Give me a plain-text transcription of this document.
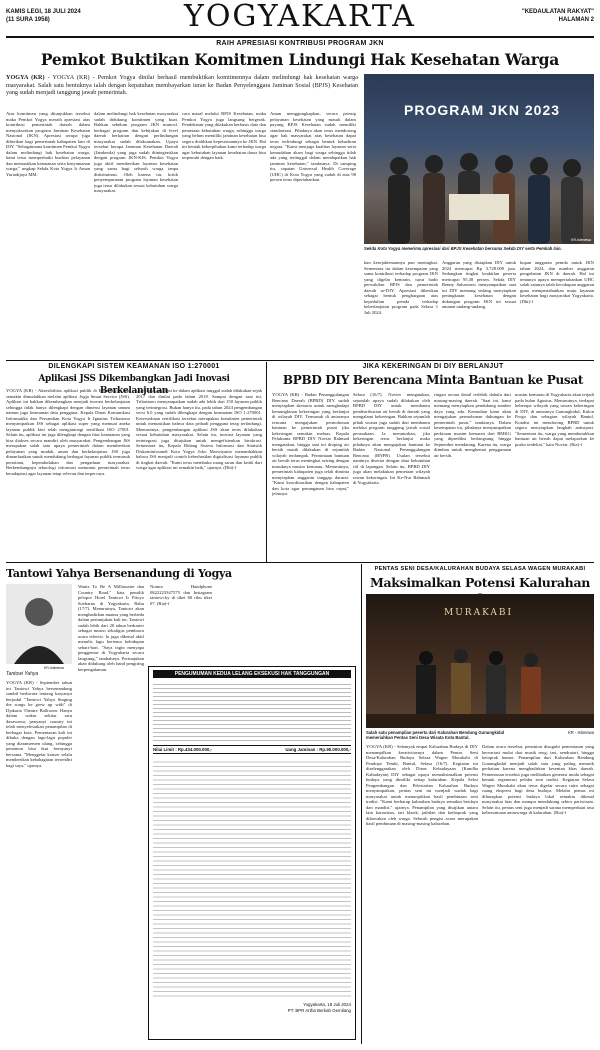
KAMIS LEGI, 18 JULI 2024
(11 SURA 1958)	YOGYAKARTA	"KEDAULATAN RAKYAT"
HALAMAN 2
RAIH APRESIASI KONTRIBUSI PROGRAM JKN
Pemkot Buktikan Komitmen Lindungi Hak Kesehatan Warga
YOGYA (KR) - YOGYA (KR) - Pemkot Yogya dinilai berhasil membuktikan komitmennya dalam melindungi hak kesehatan warga masyarakat. Salah satu bentuknya ialah dengan kepatuhan membayarkan iuran ke Badan Penyelenggara Jaminan Sosial (BPJS) Kesehatan yang sudah menjadi tanggung jawab pemerintah.
Atas komitmen yang ditunjukkan tersebut maka Pemkot Yogya meraih apresiasi atas kontribusi pemerintah daerah dalam menyukseskan program Jaminan Kesehatan Nasional (JKN). Apresiasi serupa juga diberikan bagi pemerintah kabupaten lain di DIY. "Sebagaimana komitmen Pemkot Yogya dalam melindungi hak kesehatan warga, kami terus memperbaiki kualitas pelayanan dan memastikan keamanan serta kenyamanan warga," ungkap Sekda Kota Yogya Ir Aman Yuriadijaya MM.
dalam melindungi hak kesehatan masyarakat sudah didukung komitmen yang kuat. Bahkan sebelum program JKN muncul, berbagai program dan kebijakan di level daerah berkaitan dengan perlindungan masyarakat sudah dilaksanakan. Upaya tersebut berupa Jaminan Kesehatan Daerah (Jamkesda) yang juga sudah diintegrasikan dengan program JKN-KIS. Pemkot Yogya juga aktif memberikan layanan kesehatan yang sama bagi seluruh warga tanpa diskriminasi. Oleh karena itu, kritik penyempurnaan program layanan kesehatan juga terus dilakukan sesuai kebutuhan warga masyarakat.
cara masal melalui BPJS Kesehatan, maka Pemkot Yogya juga langsung bergerak. Pendekatan yang dilakukan berbasis data dan pemetaan kebutuhan warga, sehingga warga yang belum memiliki jaminan kesehatan bisa segera dialihkan kepesertaannya ke JKN. Hal ini bentuk keberpihakan kami terhadap warga agar kebutuhan layanan kesehatan dasar bisa terpenuhi dengan baik.
Aman menggungkapkan, secara prinsip pelayanan kesehatan yang masuk dalam payung BPJS Kesehatan sudah memiliki standarisasi. Pihaknya akan terus mendorong agar hak masyarakat atas kesehatan dapat terus terlindungi sebagai bentuk kehadiran negara. "Kami menjaga kualitas layanan serta kemudahan akses bagi warga sehingga tidak ada yang tertinggal dalam mendapatkan hak jaminan kesehatan," tandasnya. Di samping itu, capaian Universal Health Coverage (UHC) di Kota Yogya yang sudah di atas 98 persen terus dipertahankan.
PROGRAM JKN 2023
KR-Istimewa
Sekda Kota Yogya menerima apresiasi dari BPJS Kesehatan bersama Sekda DIY serta Pemkab lain.
kan kesejahteraannya pun meningkat. Sementara itu dalam kesempatan yang sama kontribusi terhadap program JKN yang digelar kemarin, turut hadir perwakilan BPJS dan pemerintah daerah se-DIY. Apresiasi diberikan sebagai bentuk penghargaan atas kepedulian pemda terhadap keberlanjutan program pada Selasa 1 Juli 2024.
Anggaran yang disiapkan DIY untuk 2024 mencapai Rp 3.728.009 juta. Sedangkan tingkat keaktifan peserta mencapai 95,38 persen. Sekda DIY Benny Suharsono menyampaikan saat ini DIY memang sedang menyiapkan peningkatan kesehatan dengan dukungan program JKN ini sesuai amanat undang-undang.
kupan anggaran pemda untuk JKN tahun 2024, dan number anggaran pengobatan JKN di daerah. Hal ini tentunya upaya mempertahankan UHC salah satunya ialah kecukupan anggaran guna mempertahankan mutu layanan kesehatan bagi masyarakat Yogyakarta. (Dhi)-f
DILENGKAPI SISTEM KEAMANAN ISO 1:270001
Aplikasi JSS Dikembangkan Jadi Inovasi Berkelanjutan
YOGYA (KR) - Aksesibilitas aplikasi publik di Kota Yogya kini semakin dimudahkan melalui aplikasi Jogja Smart Service (JSS). Aplikasi ini bahkan dikembangkan menjadi inovasi berkelanjutan sehingga tidak hanya dilengkapi dengan dimensi layanan umum namun juga keamanan data pengguna. Kepala Dinas Komunikasi Informatika dan Persandian Kota Yogya Ir Ignatius Trihastono menyampaikan JSS sebagai aplikasi super yang memuat aneka layanan publik kini telah mengantongi sertifikasi ISO 27001. Selain itu, aplikasi ini juga dilengkapi dengan fitur keamanan yang bisa diakses secara mandiri oleh masyarakat. Pengembangan JSS merupakan salah satu upaya pemerintah dalam memberikan pelayanan yang mudah, aman dan berkelanjutan. JSS juga dimanfaatkan untuk mendukung berbagai layanan publik termasuk perizinan, kependudukan dan pengaduan masyarakat. Berkembangnya teknologi informasi menuntut pemerintah terus beradaptasi agar layanan tetap relevan dan terpercaya.
sistem atau aplikasi ke dalam aplikasi tunggal sudah dilakukan sejak 2017 dan dinilai pada tahun 2018. Sampai dengan saat ini, Trihastono menyampaikan sudah ada lebih dari 150 layanan publik yang terintegrasi. Bukan hanya itu, pada tahun 2024 pengembangan versi 6.0 yang sudah dilengkapi dengan keamanan ISO 1:270001. Ketersediaan sertifikasi tersebut merupakan komitmen pemerintah untuk memastikan bahwa data pribadi pengguna tetap terlindungi. Menurutnya, pengembangan aplikasi JSS akan terus dilakukan sesuai kebutuhan masyarakat. Selain itu, inovasi layanan yang terintegrasi juga ditujukan untuk mengefisienkan birokrasi. Sementara itu, Kepala Bidang Sistem Informasi dan Statistik Diskominfosandi Kota Yogya Joko Marwiyanto menambahkan bahwa JSS menjadi contoh keberhasilan digitalisasi layanan publik di tingkat daerah. "Kami terus membuka ruang saran dan kritik dari warga agar aplikasi ini semakin baik," ujarnya. (Dhi)-f
JIKA KEKERINGAN DI DIY BERLANJUT
BPBD DIY Berencana Minta Bantuan ke Pusat
YOGYA (KR) - Badan Penanggulangan Bencana Daerah (BPBD) DIY sudah menyiapkan skenario untuk menghadapi kemungkinan kekeringan yang berlanjut di wilayah DIY. Termasuk di antaranya rencana mengajukan permohonan bantuan ke pemerintah pusat jika kekeringan semakin meluas. Kepala Pelaksana BPBD DIY Noviar Rahmad mengatakan, hingga saat ini droping air bersih masih dilakukan di sejumlah wilayah terdampak. Permintaan bantuan air bersih terus meningkat seiring dengan masuknya musim kemarau. Menurutnya, pemerintah kabupaten juga telah diminta menyiapkan anggaran tanggap darurat. "Kami koordinasikan dengan kabupaten dan kota agar penanganan bisa cepat," jelasnya.
Selasa (16/7). Novier mengatakan, sejumlah upaya sudah dilakukan oleh BPBD DIY untuk membantu pendistribusian air bersih di daerah yang mengalami kekeringan. Bahkan sejumlah pihak swasta juga sudah ikut membantu melalui program tanggung jawab sosial perusahaan. Ia menuturkan, jika kekeringan terus berlanjut maka pihaknya akan mengajukan bantuan ke Badan Nasional Penanggulangan Bencana (BNPB). Usulan tersebut nantinya disertai dengan data kebutuhan riil di lapangan. Selain itu, BPBD DIY juga akan melakukan pemetaan wilayah rawan kekeringan. Ini Ke-Nur Rahmadi di Yogyakarta.
ringan secara detail terlebih dahulu dari masing-masing daerah. "Saat ini, kami memang menyiapkan pendukung sumber daya yang ada. Kemudian kami akan mengajukan permohonan dukungan ke pemerintah pusat," tandasnya. Dalam kesempatan itu, pihaknya menyampaikan perkiraan musim kemarau dari BMKG yang diprediksi berlangsung hingga September mendatang. Karena itu, warga diimbau untuk menghemat penggunaan air bersih.
musim kemarau di Yogyakarta akan terjadi pada bulan Agustus. Menurutnya, terdapat beberapa wilayah yang rawan kekeringan di DIY, di antaranya Gunungkidul, Kulon Progo dan sebagian wilayah Bantul. Kondisi ini mendorong BPBD untuk segera menyiapkan langkah antisipasi. "Sementara itu, warga yang membutuhkan bantuan air bersih dapat melaporkan ke posko terdekat," kata Noviar. (Ria)-f
Tantowi Yahya Bersenandung di Yogya
KR-Istimewa
Tantowi Yahya
YOGYA (KR) - September tahun ini Tantowi Yahya bersenandung sambil berbicara tentang karyanya berjudul "Tantowi Yahya Singing the songs he grew up with" di Djakarta Theatre Ballroom. Hanya dalam waktu sekitar satu dasawarsa, penyanyi country ini telah menyelesaikan penampilan di berbagai kota. Pementasan kali ini dibuka dengan lagu-lagu populer yang diaransemen ulang, sehingga penonton bisa ikut bernyanyi bersama. "Menggelar konser selalu memberikan kebahagiaan tersendiri bagi saya," ujarnya.
Wants To Be A Millionaire dan Country Road," kata pemilik pelopor Hotel Tantowi Ir Pitoyo Soeharno di Yogyakarta, Rabu (17/7). Menurutnya, Tantowi akan menghadirkan nuansa yang berbeda dalam pertunjukan kali ini. Tantowi sudah lebih dari 20 tahun berkarier sebagai musisi sekaligus pembawa acara televisi. Ia juga dikenal aktif menulis lagu bertema kehidupan sehari-hari. "Saya ingin menyapa penggemar di Yogyakarta secara langsung," tambahnya. Pertunjukan akan didukung oleh band pengiring berpengalaman.
Nomor Handphone 0822223347575 dan Instagram tantowi.ky di tiket 60 ribu tiket 07. (Ria)-f
PENGUMUMAN KEDUA LELANG EKSEKUSI HAK TANGGUNGAN
Nilai Limit : Rp.434.000.000,-	Uang Jaminan : Rp.90.000.000,-
Yogyakarta, 18 Juli 2024
PT. BPR Artha Berkah Gemilang
PENTAS SENI DESA/KALURAHAN BUDAYA SELASA WAGEN MURAKABI
Maksimalkan Potensi Kalurahan
MURAKABI
Salah satu penampilan peserta dari Kalurahan Bendung Gunungkidul	KR - Istimewa

memeriahkan Pentas Seni Desa Wisata Kota Bantul.
YOGYA (KR) - Sebanyak empat Kalurahan Budaya di DIY menampilkan kreativitasnya dalam Pentas Seni Desa/Kalurahan Budaya Selasa Wagen Murakabi di Pendopo Tembi, Bantul, Selasa (16/7). Kegiatan ini diselenggarakan oleh Dinas Kebudayaan (Kundha Kabudayan) DIY sebagai upaya memaksimalkan potensi budaya yang dimiliki setiap kalurahan. Kepala Seksi Pengembangan dan Pelestarian Kalurahan Budaya menyampaikan, pentas seni ini menjadi wadah bagi masyarakat untuk menunjukkan hasil pembinaan seni tradisi. "Kami berharap kalurahan budaya semakin berdaya dan mandiri," ujarnya. Penampilan yang disajikan antara lain karawitan, tari klasik, jathilan dan kethoprak yang dibawakan oleh warga. Seluruh pengisi acara merupakan hasil pembinaan di masing-masing kalurahan.
Dalam acara tersebut, penonton disuguhi pementasan yang bervariasi mulai dari musik reog, tari, sendratari, hingga ketoprak humor. Penampilan dari Kalurahan Bendung Gunungkidul menjadi salah satu yang paling menarik perhatian karena menghadirkan kesenian khas daerah. Pementasan tersebut juga melibatkan generasi muda sebagai bentuk regenerasi pelaku seni tradisi. Kegiatan Selasa Wagen Murakabi akan terus digelar secara rutin sebagai ruang ekspresi bagi desa budaya. Melalui pentas ini diharapkan potensi budaya lokal semakin dikenal masyarakat luas dan mampu mendukung sektor pariwisata. Selain itu, pentas seni juga menjadi sarana memperkuat rasa kebersamaan antarwarga di kalurahan. (Ria)-f
